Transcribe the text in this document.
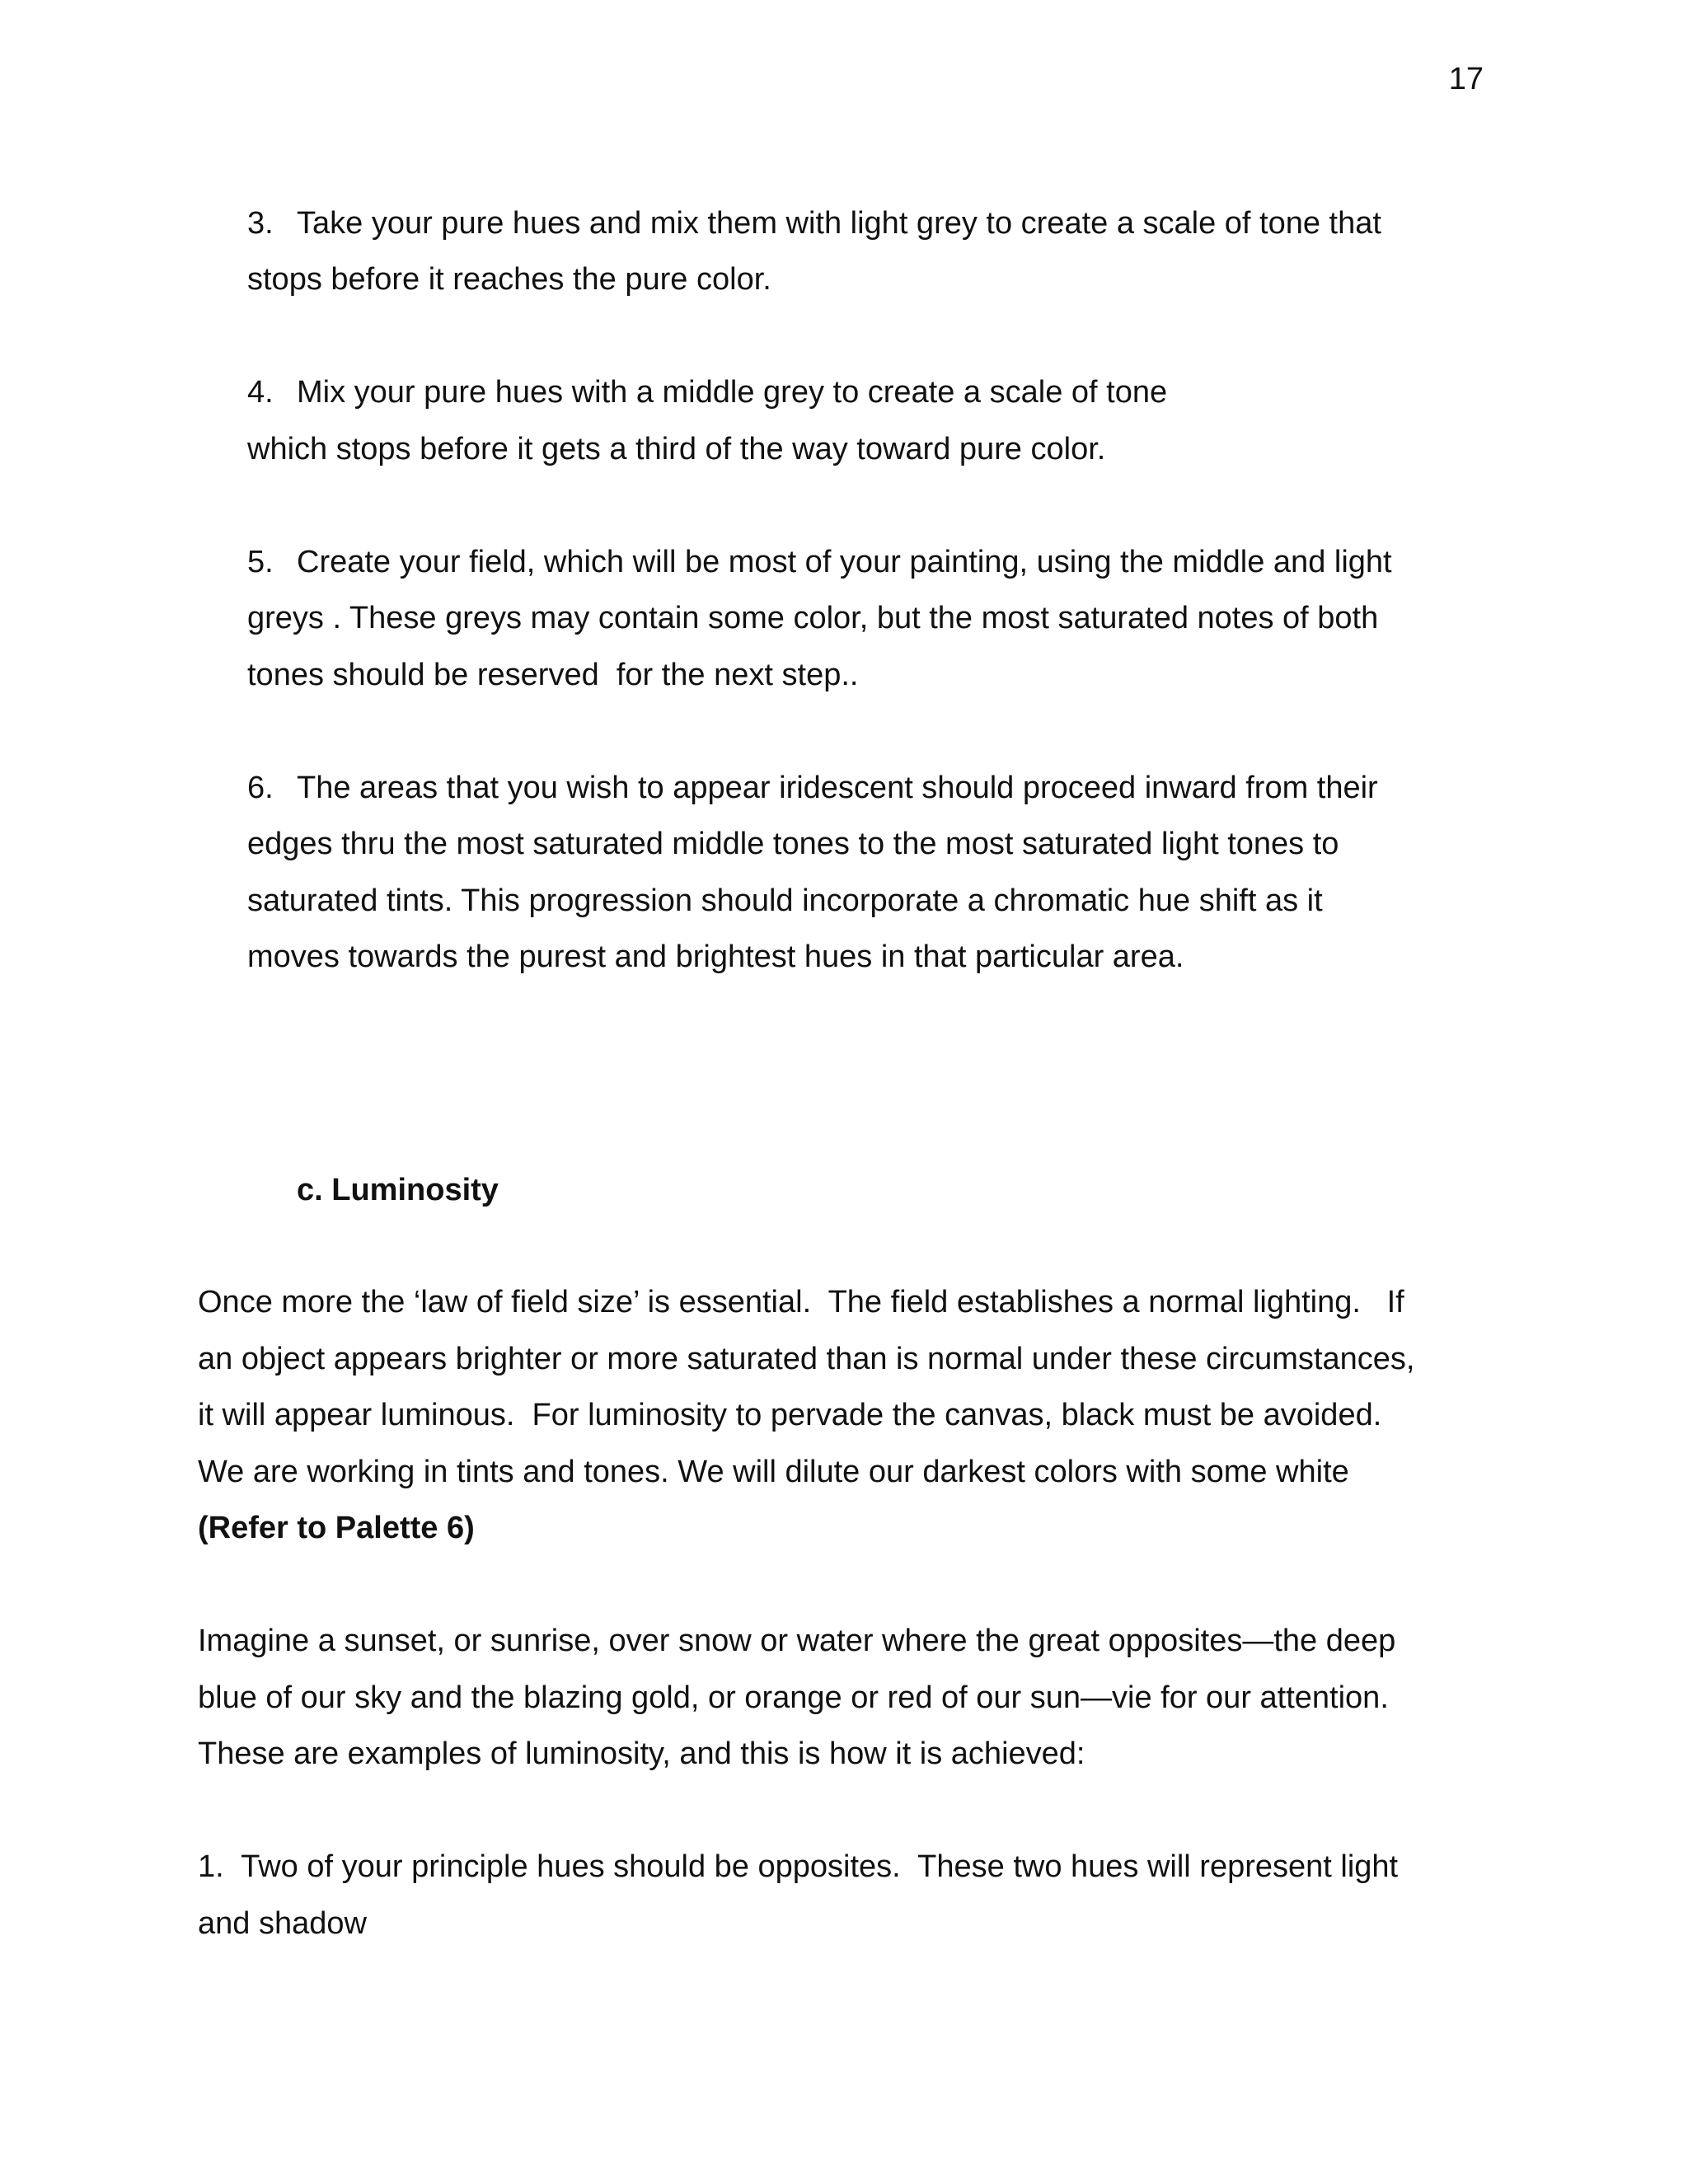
17
3. Take your pure hues and mix them with light grey to create a scale of tone that
stops before it reaches the pure color.
4. Mix your pure hues with a middle grey to create a scale of tone
which stops before it gets a third of the way toward pure color.
5. Create your field, which will be most of your painting, using the middle and light
greys . These greys may contain some color, but the most saturated notes of both
tones should be reserved  for the next step..
6. The areas that you wish to appear iridescent should proceed inward from their
edges thru the most saturated middle tones to the most saturated light tones to
saturated tints. This progression should incorporate a chromatic hue shift as it
moves towards the purest and brightest hues in that particular area.
c. Luminosity
Once more the ‘law of field size’ is essential.  The field establishes a normal lighting.   If
an object appears brighter or more saturated than is normal under these circumstances,
it will appear luminous.  For luminosity to pervade the canvas, black must be avoided.
We are working in tints and tones. We will dilute our darkest colors with some white
(Refer to Palette 6)
Imagine a sunset, or sunrise, over snow or water where the great opposites—the deep
blue of our sky and the blazing gold, or orange or red of our sun—vie for our attention.
These are examples of luminosity, and this is how it is achieved:
1.  Two of your principle hues should be opposites.  These two hues will represent light
and shadow
